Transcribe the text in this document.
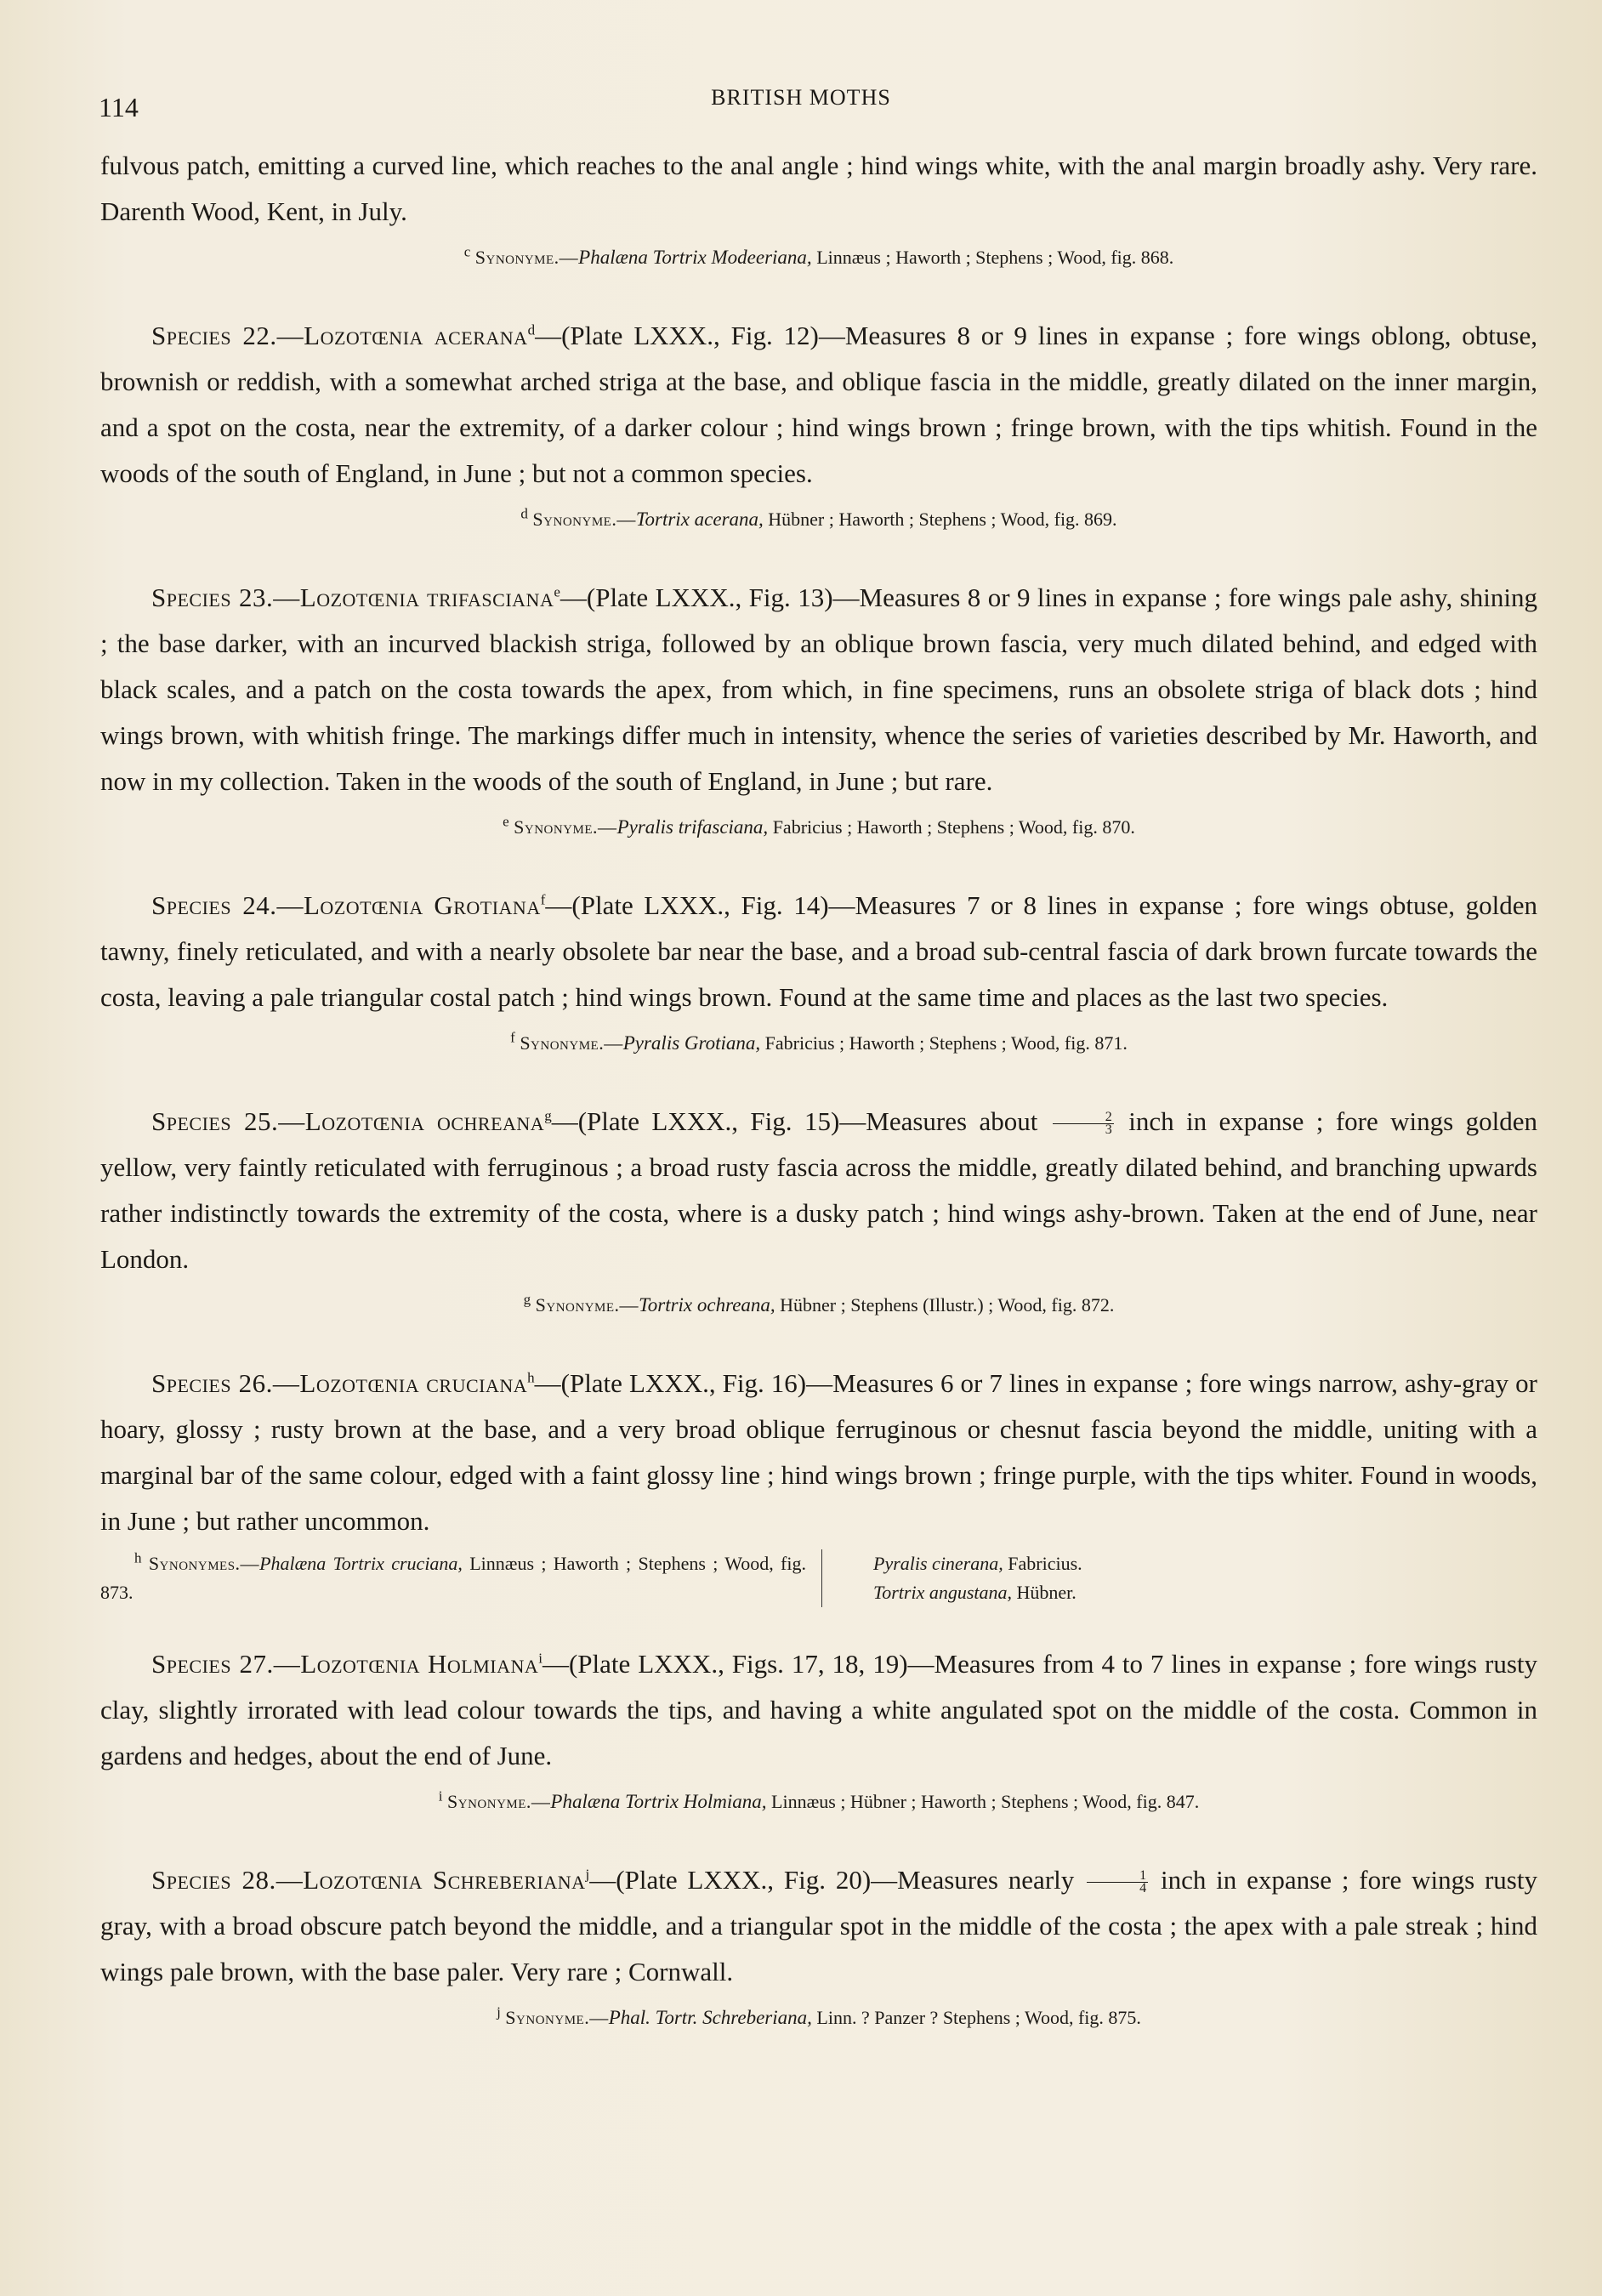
114	BRITISH MOTHS

fulvous patch, emitting a curved line, which reaches to the anal angle ; hind wings white, with the anal margin broadly ashy. Very rare. Darenth Wood, Kent, in July.

$^c$ Synonyme.—Phalæna Tortrix Modeeriana, Linnæus ; Haworth ; Stephens ; Wood, fig. 868.

Species 22.—Lozotœnia acerana$^d$—(Plate LXXX., Fig. 12)—Measures 8 or 9 lines in expanse ; fore wings oblong, obtuse, brownish or reddish, with a somewhat arched striga at the base, and oblique fascia in the middle, greatly dilated on the inner margin, and a spot on the costa, near the extremity, of a darker colour ; hind wings brown ; fringe brown, with the tips whitish. Found in the woods of the south of England, in June ; but not a common species.

$^d$ Synonyme.—Tortrix acerana, Hübner ; Haworth ; Stephens ; Wood, fig. 869.

Species 23.—Lozotœnia trifasciana$^e$—(Plate LXXX., Fig. 13)—Measures 8 or 9 lines in expanse ; fore wings pale ashy, shining ; the base darker, with an incurved blackish striga, followed by an oblique brown fascia, very much dilated behind, and edged with black scales, and a patch on the costa towards the apex, from which, in fine specimens, runs an obsolete striga of black dots ; hind wings brown, with whitish fringe. The markings differ much in intensity, whence the series of varieties described by Mr. Haworth, and now in my collection. Taken in the woods of the south of England, in June ; but rare.

$^e$ Synonyme.—Pyralis trifasciana, Fabricius ; Haworth ; Stephens ; Wood, fig. 870.

Species 24.—Lozotœnia Grotiana$^f$—(Plate LXXX., Fig. 14)—Measures 7 or 8 lines in expanse ; fore wings obtuse, golden tawny, finely reticulated, and with a nearly obsolete bar near the base, and a broad sub-central fascia of dark brown furcate towards the costa, leaving a pale triangular costal patch ; hind wings brown. Found at the same time and places as the last two species.

$^f$ Synonyme.—Pyralis Grotiana, Fabricius ; Haworth ; Stephens ; Wood, fig. 871.

Species 25.—Lozotœnia ochreana$^g$—(Plate LXXX., Fig. 15)—Measures about $\frac{2}{3}$ inch in expanse ; fore wings golden yellow, very faintly reticulated with ferruginous ; a broad rusty fascia across the middle, greatly dilated behind, and branching upwards rather indistinctly towards the extremity of the costa, where is a dusky patch ; hind wings ashy-brown. Taken at the end of June, near London.

$^g$ Synonyme.—Tortrix ochreana, Hübner ; Stephens (Illustr.) ; Wood, fig. 872.

Species 26.—Lozotœnia cruciana$^h$—(Plate LXXX., Fig. 16)—Measures 6 or 7 lines in expanse ; fore wings narrow, ashy-gray or hoary, glossy ; rusty brown at the base, and a very broad oblique ferruginous or chesnut fascia beyond the middle, uniting with a marginal bar of the same colour, edged with a faint glossy line ; hind wings brown ; fringe purple, with the tips whiter. Found in woods, in June ; but rather uncommon.

$^h$ Synonymes.—Phalæna Tortrix cruciana, Linnæus ; Haworth ; Stephens ; Wood, fig. 873.
Pyralis cinerana, Fabricius.
Tortrix angustana, Hübner.

Species 27.—Lozotœnia Holmiana$^i$—(Plate LXXX., Figs. 17, 18, 19)—Measures from 4 to 7 lines in expanse ; fore wings rusty clay, slightly irrorated with lead colour towards the tips, and having a white angulated spot on the middle of the costa. Common in gardens and hedges, about the end of June.

$^i$ Synonyme.—Phalæna Tortrix Holmiana, Linnæus ; Hübner ; Haworth ; Stephens ; Wood, fig. 847.

Species 28.—Lozotœnia Schreberiana$^j$—(Plate LXXX., Fig. 20)—Measures nearly $\frac{1}{4}$ inch in expanse ; fore wings rusty gray, with a broad obscure patch beyond the middle, and a triangular spot in the middle of the costa ; the apex with a pale streak ; hind wings pale brown, with the base paler. Very rare ; Cornwall.

$^j$ Synonyme.—Phal. Tortr. Schreberiana, Linn. ? Panzer ? Stephens ; Wood, fig. 875.
